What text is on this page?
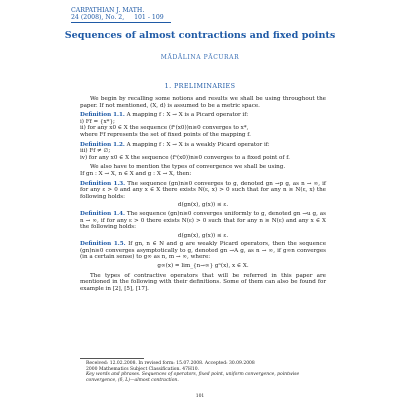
CARPATHIAN J. MATH.
24 (2008), No. 2, 101 - 109
Sequences of almost contractions and fixed points
MĂDĂLINA PĂCURAR
1. PRELIMINARIES
We begin by recalling some notions and results we shall be using throughout the paper. If not mentioned, (X, d) is assumed to be a metric space.
Definition 1.1. A mapping f : X → X is a Picard operator if:
i) Ff = {x*};
ii) for any x0 ∈ X the sequence (fⁿ(x0))n≥0 converges to x*,
where Ff represents the set of fixed points of the mapping f.
Definition 1.2. A mapping f : X → X is a weakly Picard operator if:
iii) Ff ≠ ∅;
iv) for any x0 ∈ X the sequence (fⁿ(x0))n≥0 converges to a fixed point of f.
We also have to mention the types of convergence we shall be using.
If gn : X → X, n ∈ X and g : X → X, then:
Definition 1.3. The sequence (gn)n≥0 converges to g, denoted gn →p g, as n → ∞, if for any ε > 0 and any x ∈ X there exists N(ε, x) > 0 such that for any n ≥ N(ε, x) the following holds:
d(gn(x), g(x)) ≤ ε.
Definition 1.4. The sequence (gn)n≥0 converges uniformly to g, denoted gn →u g, as n → ∞, if for any ε > 0 there exists N(ε) > 0 such that for any n ≥ N(ε) and any x ∈ X the following holds:
d(gn(x), g(x)) ≤ ε.
Definition 1.5. If gn, n ∈ N and g are weakly Picard operators, then the sequence (gn)n≥0 converges asymptotically to g, denoted gn →A g, as n → ∞, if g∞n converges (in a certain sense) to g∞ as n, m → ∞, where:
g∞(x) = lim_{n→∞} gⁿ(x), x ∈ X.
The types of contractive operators that will be referred in this paper are mentioned in the following with their definitions. Some of them can also be found for example in [2], [5], [17].
Received: 12.02.2008. In revised form: 15.07.2008. Accepted: 30.09.2008
2000 Mathematics Subject Classification. 47H10.
Key words and phrases. Sequences of operators, fixed point, uniform convergence, pointwise convergence, (δ, L)—almost contraction.
101
